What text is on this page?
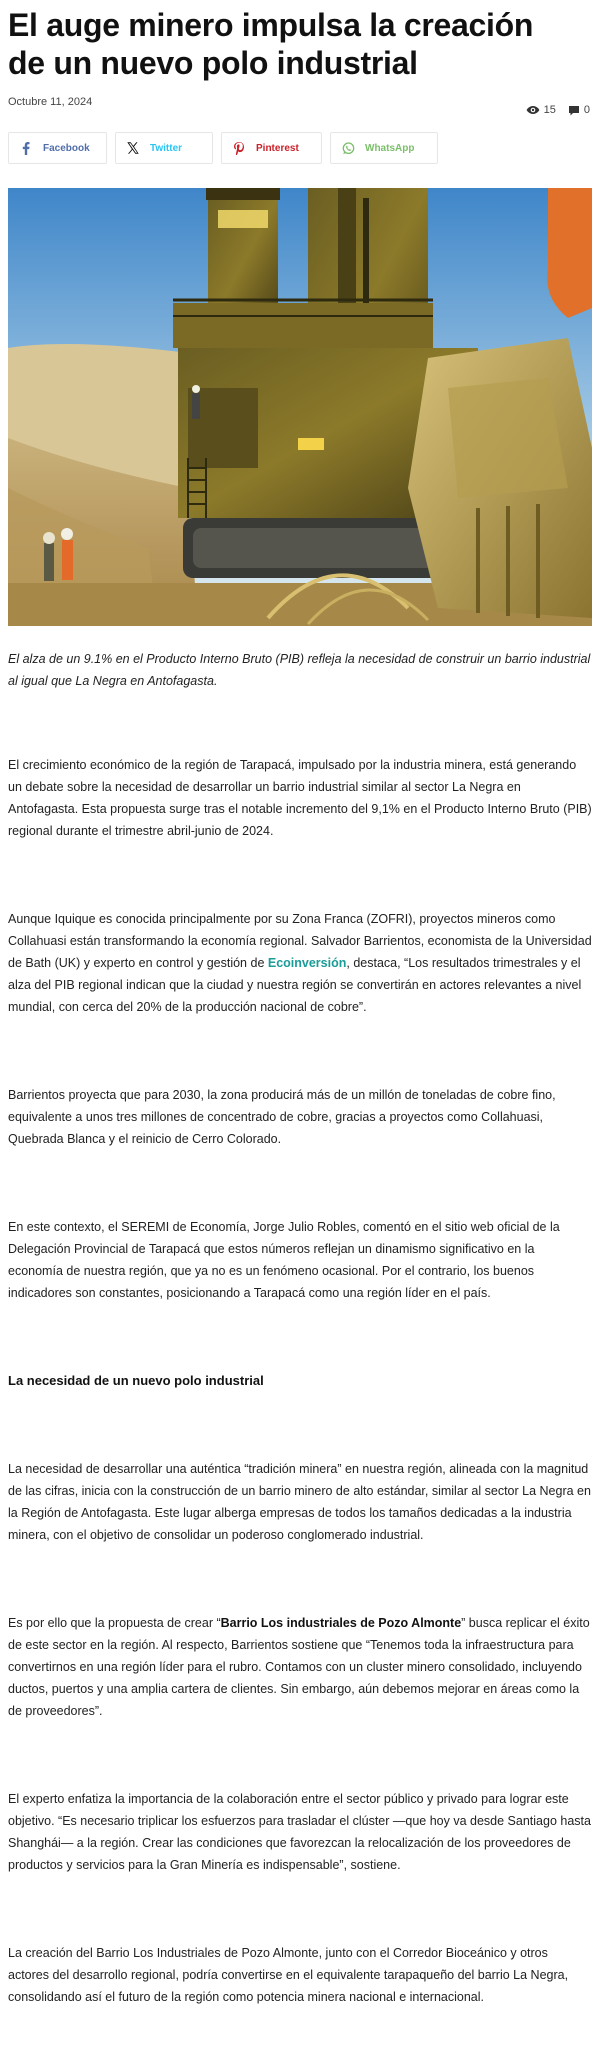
El auge minero impulsa la creación de un nuevo polo industrial
Octubre 11, 2024
15	0
Facebook	Twitter	Pinterest	WhatsApp

El alza de un 9.1% en el Producto Interno Bruto (PIB) refleja la necesidad de construir un barrio industrial al igual que La Negra en Antofagasta.

El crecimiento económico de la región de Tarapacá, impulsado por la industria minera, está generando un debate sobre la necesidad de desarrollar un barrio industrial similar al sector La Negra en Antofagasta. Esta propuesta surge tras el notable incremento del 9,1% en el Producto Interno Bruto (PIB) regional durante el trimestre abril-junio de 2024.

Aunque Iquique es conocida principalmente por su Zona Franca (ZOFRI), proyectos mineros como Collahuasi están transformando la economía regional. Salvador Barrientos, economista de la Universidad de Bath (UK) y experto en control y gestión de Ecoinversión, destaca, “Los resultados trimestrales y el alza del PIB regional indican que la ciudad y nuestra región se convertirán en actores relevantes a nivel mundial, con cerca del 20% de la producción nacional de cobre”.

Barrientos proyecta que para 2030, la zona producirá más de un millón de toneladas de cobre fino, equivalente a unos tres millones de concentrado de cobre, gracias a proyectos como Collahuasi, Quebrada Blanca y el reinicio de Cerro Colorado.

En este contexto, el SEREMI de Economía, Jorge Julio Robles, comentó en el sitio web oficial de la Delegación Provincial de Tarapacá que estos números reflejan un dinamismo significativo en la economía de nuestra región, que ya no es un fenómeno ocasional. Por el contrario, los buenos indicadores son constantes, posicionando a Tarapacá como una región líder en el país.

La necesidad de un nuevo polo industrial

La necesidad de desarrollar una auténtica “tradición minera” en nuestra región, alineada con la magnitud de las cifras, inicia con la construcción de un barrio minero de alto estándar, similar al sector La Negra en la Región de Antofagasta. Este lugar alberga empresas de todos los tamaños dedicadas a la industria minera, con el objetivo de consolidar un poderoso conglomerado industrial.

Es por ello que la propuesta de crear “Barrio Los industriales de Pozo Almonte” busca replicar el éxito de este sector en la región. Al respecto, Barrientos sostiene que “Tenemos toda la infraestructura para convertirnos en una región líder para el rubro. Contamos con un cluster minero consolidado, incluyendo ductos, puertos y una amplia cartera de clientes. Sin embargo, aún debemos mejorar en áreas como la de proveedores”.

El experto enfatiza la importancia de la colaboración entre el sector público y privado para lograr este objetivo. “Es necesario triplicar los esfuerzos para trasladar el clúster —que hoy va desde Santiago hasta Shanghái— a la región. Crear las condiciones que favorezcan la relocalización de los proveedores de productos y servicios para la Gran Minería es indispensable”, sostiene.

La creación del Barrio Los Industriales de Pozo Almonte, junto con el Corredor Bioceánico y otros actores del desarrollo regional, podría convertirse en el equivalente tarapaqueño del barrio La Negra, consolidando así el futuro de la región como potencia minera nacional e internacional.
